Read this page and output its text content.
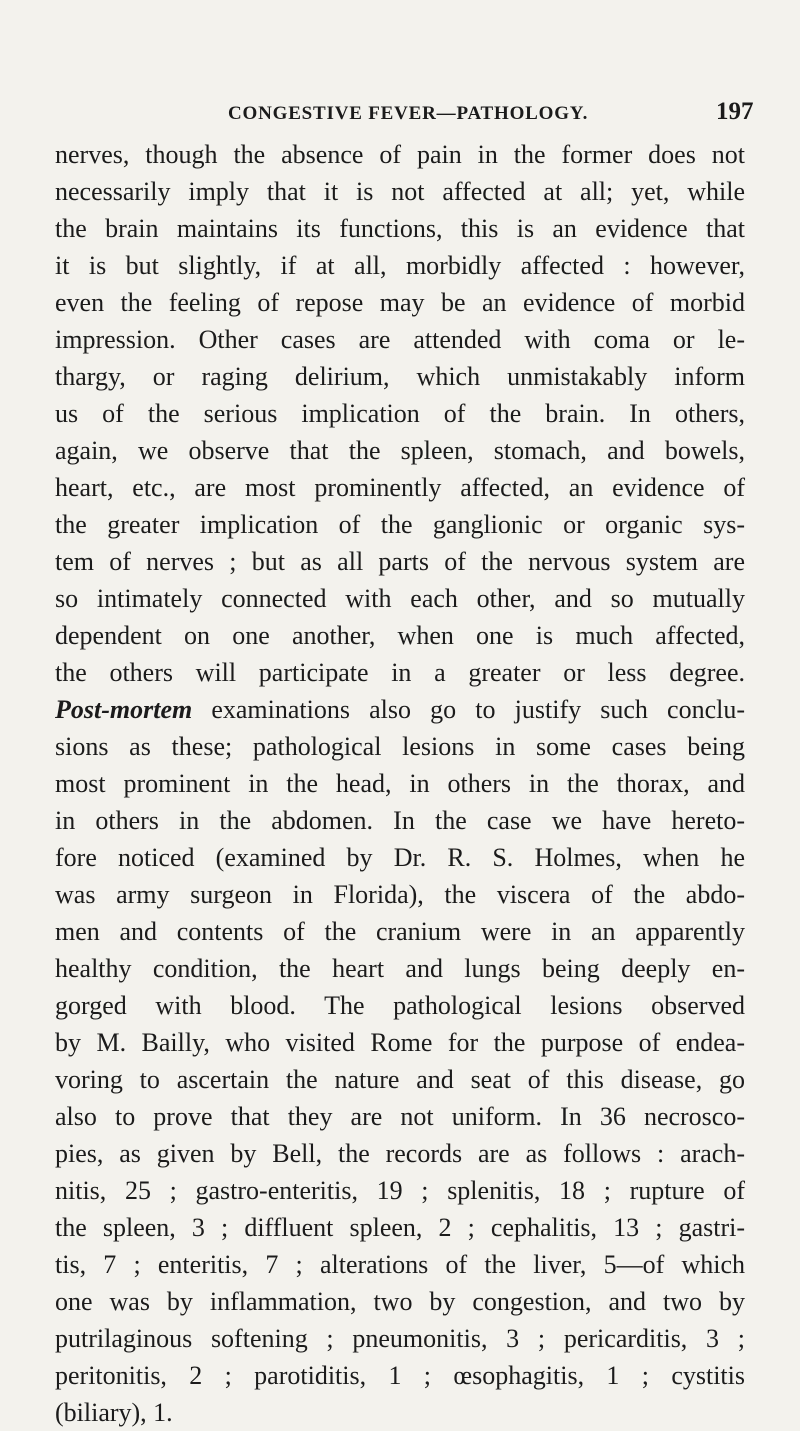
CONGESTIVE FEVER—PATHOLOGY.	197
nerves, though the absence of pain in the former does not
necessarily imply that it is not affected at all; yet, while
the brain maintains its functions, this is an evidence that
it is but slightly, if at all, morbidly affected : however,
even the feeling of repose may be an evidence of morbid
impression. Other cases are attended with coma or le-
thargy, or raging delirium, which unmistakably inform
us of the serious implication of the brain. In others,
again, we observe that the spleen, stomach, and bowels,
heart, etc., are most prominently affected, an evidence of
the greater implication of the ganglionic or organic sys-
tem of nerves ; but as all parts of the nervous system are
so intimately connected with each other, and so mutually
dependent on one another, when one is much affected,
the others will participate in a greater or less degree.
Post-mortem examinations also go to justify such conclu-
sions as these; pathological lesions in some cases being
most prominent in the head, in others in the thorax, and
in others in the abdomen. In the case we have hereto-
fore noticed (examined by Dr. R. S. Holmes, when he
was army surgeon in Florida), the viscera of the abdo-
men and contents of the cranium were in an apparently
healthy condition, the heart and lungs being deeply en-
gorged with blood. The pathological lesions observed
by M. Bailly, who visited Rome for the purpose of endea-
voring to ascertain the nature and seat of this disease, go
also to prove that they are not uniform. In 36 necrosco-
pies, as given by Bell, the records are as follows : arach-
nitis, 25 ; gastro-enteritis, 19 ; splenitis, 18 ; rupture of
the spleen, 3 ; diffluent spleen, 2 ; cephalitis, 13 ; gastri-
tis, 7 ; enteritis, 7 ; alterations of the liver, 5—of which
one was by inflammation, two by congestion, and two by
putrilaginous softening ; pneumonitis, 3 ; pericarditis, 3 ;
peritonitis, 2 ; parotiditis, 1 ; œsophagitis, 1 ; cystitis
(biliary), 1.
